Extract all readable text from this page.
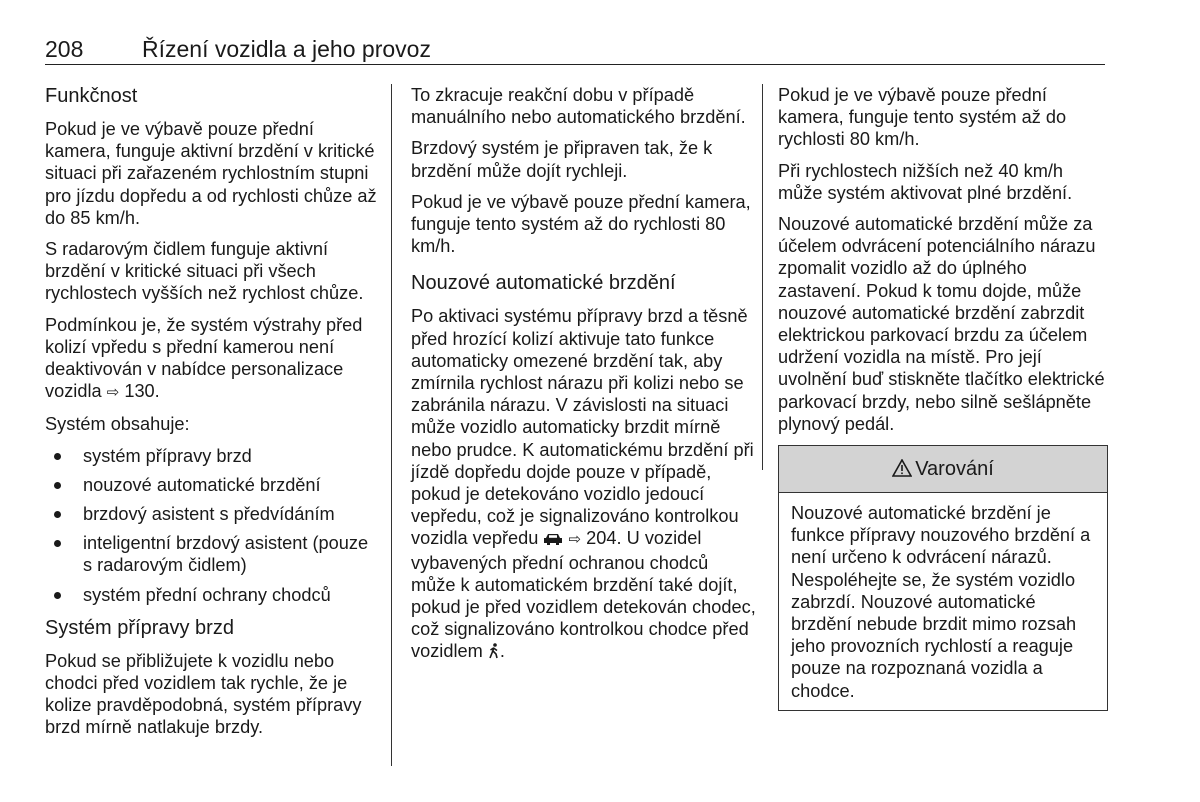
208	Řízení vozidla a jeho provoz
Funkčnost

Pokud je ve výbavě pouze přední kamera, funguje aktivní brzdění v kritické situaci při zařazeném rychlostním stupni pro jízdu dopředu a od rychlosti chůze až do 85 km/h.

S radarovým čidlem funguje aktivní brzdění v kritické situaci při všech rychlostech vyšších než rychlost chůze.

Podmínkou je, že systém výstrahy před kolizí vpředu s přední kamerou není deaktivován v nabídce personalizace vozidla ⇨ 130.

Systém obsahuje:

systém přípravy brzd
nouzové automatické brzdění
brzdový asistent s předvídáním
inteligentní brzdový asistent (pouze s radarovým čidlem)
systém přední ochrany chodců
Systém přípravy brzd

Pokud se přibližujete k vozidlu nebo chodci před vozidlem tak rychle, že je kolize pravděpodobná, systém přípravy brzd mírně natlakuje brzdy.

To zkracuje reakční dobu v případě manuálního nebo automatického brzdění.

Brzdový systém je připraven tak, že k brzdění může dojít rychleji.

Pokud je ve výbavě pouze přední kamera, funguje tento systém až do rychlosti 80 km/h.

Nouzové automatické brzdění

Po aktivaci systému přípravy brzd a těsně před hrozící kolizí aktivuje tato funkce automaticky omezené brzdění tak, aby zmírnila rychlost nárazu při kolizi nebo se zabránila nárazu. V závislosti na situaci může vozidlo automaticky brzdit mírně nebo prudce. K automatickému brzdění při jízdě dopředu dojde pouze v případě, pokud je detekováno vozidlo jedoucí vepředu, což je signalizováno kontrolkou vozidla vepředu ⇨ 204. U vozidel vybavených přední ochranou chodců může k automatickém brzdění také dojít, pokud je před vozidlem detekován chodec, což signalizováno kontrolkou chodce před vozidlem .

Pokud je ve výbavě pouze přední kamera, funguje tento systém až do rychlosti 80 km/h.

Při rychlostech nižších než 40 km/h může systém aktivovat plné brzdění.

Nouzové automatické brzdění může za účelem odvrácení potenciálního nárazu zpomalit vozidlo až do úplného zastavení. Pokud k tomu dojde, může nouzové automatické brzdění zabrzdit elektrickou parkovací brzdu za účelem udržení vozidla na místě. Pro její uvolnění buď stiskněte tlačítko elektrické parkovací brzdy, nebo silně sešlápněte plynový pedál.

Varování
Nouzové automatické brzdění je funkce přípravy nouzového brzdění a není určeno k odvrácení nárazů. Nespoléhejte se, že systém vozidlo zabrzdí. Nouzové automatické brzdění nebude brzdit mimo rozsah jeho provozních rychlostí a reaguje pouze na rozpoznaná vozidla a chodce.
